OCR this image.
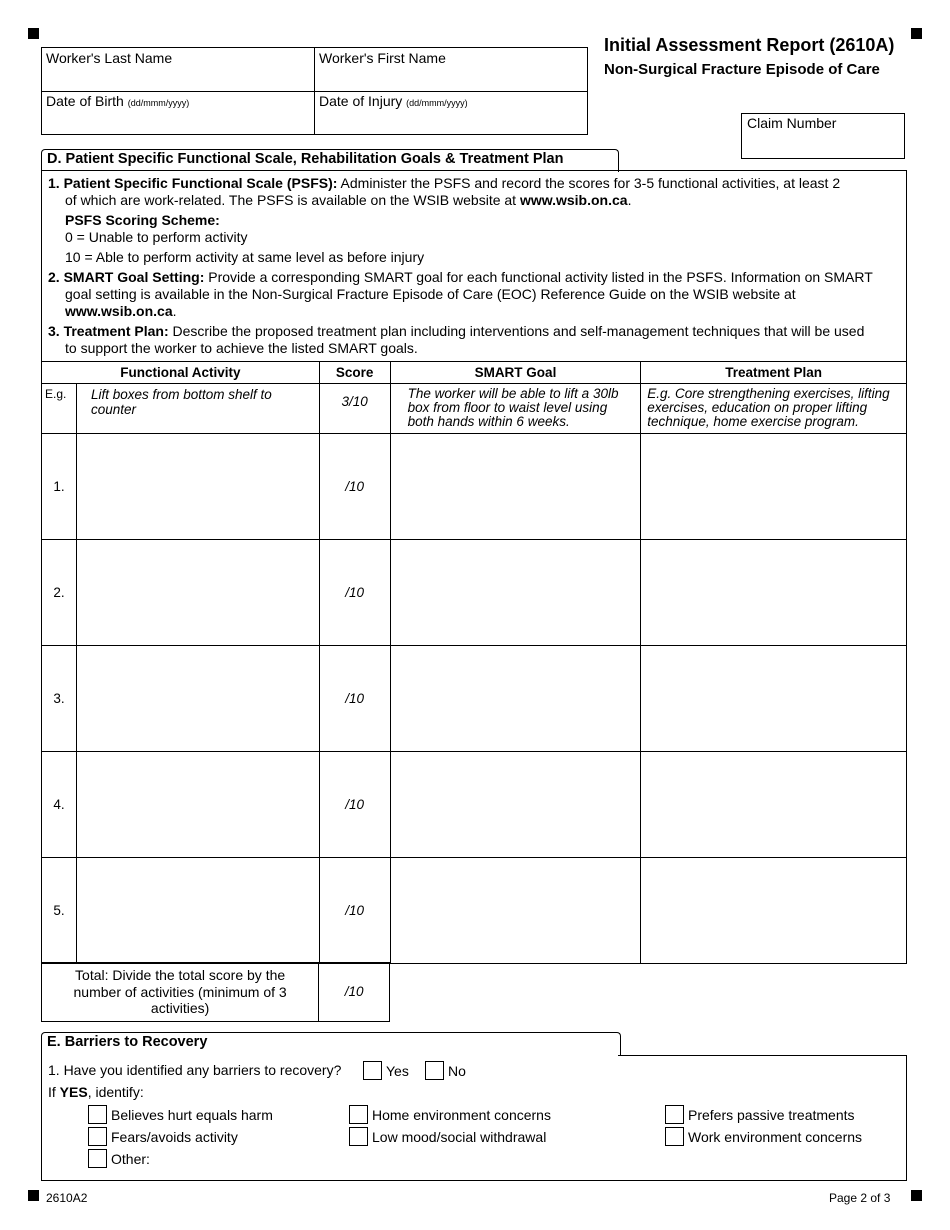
Worker's Last Name	Worker's First Name
Date of Birth (dd/mmm/yyyy)	Date of Injury (dd/mmm/yyyy)
Initial Assessment Report (2610A)
Non-Surgical Fracture Episode of Care
Claim Number
D. Patient Specific Functional Scale, Rehabilitation Goals & Treatment Plan
1. Patient Specific Functional Scale (PSFS): Administer the PSFS and record the scores for 3-5 functional activities, at least 2
of which are work-related. The PSFS is available on the WSIB website at www.wsib.on.ca.
PSFS Scoring Scheme:
0 = Unable to perform activity
10 = Able to perform activity at same level as before injury
2. SMART Goal Setting: Provide a corresponding SMART goal for each functional activity listed in the PSFS. Information on SMART
goal setting is available in the Non-Surgical Fracture Episode of Care (EOC) Reference Guide on the WSIB website at
www.wsib.on.ca.
3. Treatment Plan: Describe the proposed treatment plan including interventions and self-management techniques that will be used
to support the worker to achieve the listed SMART goals.
Functional Activity		Score	SMART Goal	Treatment Plan
E.g.	Lift boxes from bottom shelf to counter	3/10	The worker will be able to lift a 30lb box from floor to waist level using both hands within 6 weeks.	E.g. Core strengthening exercises, lifting exercises, education on proper lifting technique, home exercise program.
1.		/10		
2.		/10		
3.		/10		
4.		/10		
5.		/10		
Total: Divide the total score by the number of activities (minimum of 3 activities)	/10
E. Barriers to Recovery
1. Have you identified any barriers to recovery?	Yes	No
If YES, identify:
Believes hurt equals harm
Fears/avoids activity
Other:
Home environment concerns
Low mood/social withdrawal
Prefers passive treatments
Work environment concerns
2610A2	Page 2 of 3
